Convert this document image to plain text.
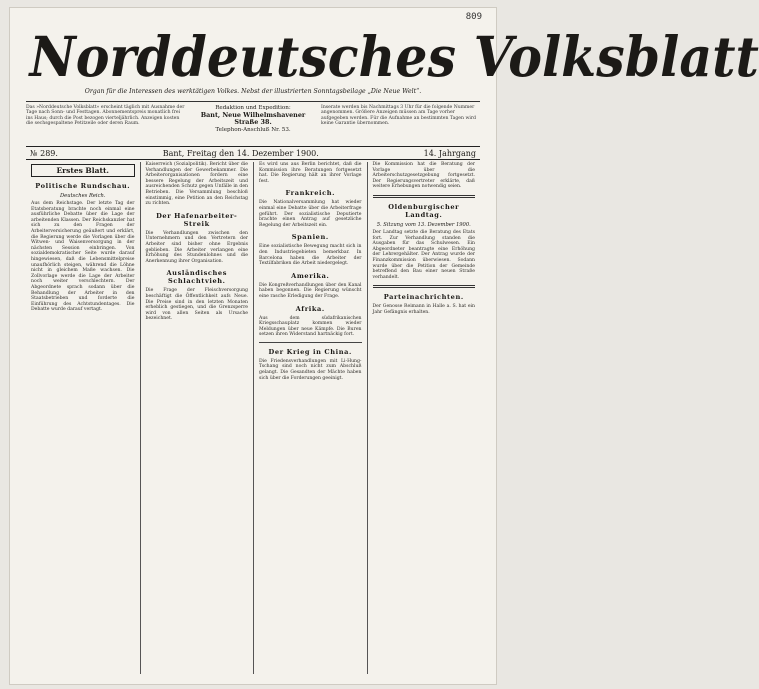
809
Norddeutsches Volksblatt
Organ für die Interessen des werktätigen Volkes. Nebst der illustrierten Sonntagsbeilage „Die Neue Welt“.
Das »Norddeutsche Volksblatt« erscheint täglich mit Ausnahme der Tage nach Sonn- und Festtagen. Abonnementspreis monatlich frei ins Haus; durch die Post bezogen vierteljährlich. Anzeigen kosten die sechsgespaltene Petitzeile oder deren Raum.
Redaktion und Expedition:
Bant, Neue Wilhelmshavener Straße 38.
Telephon-Anschluß Nr. 53.
Inserate werden bis Nachmittags 3 Uhr für die folgende Nummer angenommen. Größere Anzeigen müssen am Tage vorher aufgegeben werden. Für die Aufnahme an bestimmten Tagen wird keine Garantie übernommen.
№ 289.	Bant, Freitag den 14. Dezember 1900.	14. Jahrgang
Erstes Blatt.
Politische Rundschau.
Deutsches Reich.
Aus dem Reichstage. Der letzte Tag der Etatsberatung brachte noch einmal eine ausführliche Debatte über die Lage der arbeitenden Klassen. Der Reichskanzler hat sich zu den Fragen der Arbeiterversicherung geäußert und erklärt, die Regierung werde die Vorlagen über die Witwen- und Waisenversorgung in der nächsten Session einbringen. Von sozialdemokratischer Seite wurde darauf hingewiesen, daß die Lebensmittelpreise unaufhörlich steigen, während die Löhne nicht in gleichem Maße wachsen. Die Zollvorlage werde die Lage der Arbeiter noch weiter verschlechtern. Der Abgeordnete sprach sodann über die Behandlung der Arbeiter in den Staatsbetrieben und forderte die Einführung des Achtstundentages. Die Debatte wurde darauf vertagt.
Kaiserreich (Sozialpolitik). Bericht über die Verhandlungen der Gewerbekammer. Die Arbeiterorganisationen fordern eine bessere Regelung der Arbeitszeit und ausreichenden Schutz gegen Unfälle in den Betrieben. Die Versammlung beschloß einstimmig, eine Petition an den Reichstag zu richten.
Der Hafenarbeiter-Streik
Die Verhandlungen zwischen den Unternehmern und den Vertretern der Arbeiter sind bisher ohne Ergebnis geblieben. Die Arbeiter verlangen eine Erhöhung des Stundenlohnes und die Anerkennung ihrer Organisation.
Ausländisches Schlachtvieh.
Die Frage der Fleischversorgung beschäftigt die Öffentlichkeit aufs Neue. Die Preise sind in den letzten Monaten erheblich gestiegen, und die Grenzsperre wird von allen Seiten als Ursache bezeichnet.
Es wird uns aus Berlin berichtet, daß die Kommission ihre Beratungen fortgesetzt hat. Die Regierung hält an ihrer Vorlage fest.
Frankreich.
Die Nationalversammlung hat wieder einmal eine Debatte über die Arbeiterfrage geführt. Der sozialistische Deputierte brachte einen Antrag auf gesetzliche Regelung der Arbeitszeit ein.
Spanien.
Eine sozialistische Bewegung macht sich in den Industriegebieten bemerkbar. In Barcelona haben die Arbeiter der Textilfabriken die Arbeit niedergelegt.
Amerika.
Die Kongreßverhandlungen über den Kanal haben begonnen. Die Regierung wünscht eine rasche Erledigung der Frage.
Afrika.
Aus dem südafrikanischen Kriegsschauplatz kommen wieder Meldungen über neue Kämpfe. Die Buren setzen ihren Widerstand hartnäckig fort.
Der Krieg in China.
Die Friedensverhandlungen mit Li-Hung-Tschang sind noch nicht zum Abschluß gelangt. Die Gesandten der Mächte haben sich über die Forderungen geeinigt.
Die Kommission hat die Beratung der Vorlage über die Arbeiterschutzgesetzgebung fortgesetzt. Der Regierungsvertreter erklärte, daß weitere Erhebungen notwendig seien.
Oldenburgischer Landtag.
5. Sitzung vom 13. Dezember 1900.
Der Landtag setzte die Beratung des Etats fort. Zur Verhandlung standen die Ausgaben für das Schulwesen. Ein Abgeordneter beantragte eine Erhöhung der Lehrergehälter. Der Antrag wurde der Finanzkommission überwiesen. Sodann wurde über die Petition der Gemeinde betreffend den Bau einer neuen Straße verhandelt.
Parteinachrichten.
Der Genosse Reimann in Halle a. S. hat ein Jahr Gefängnis erhalten.
